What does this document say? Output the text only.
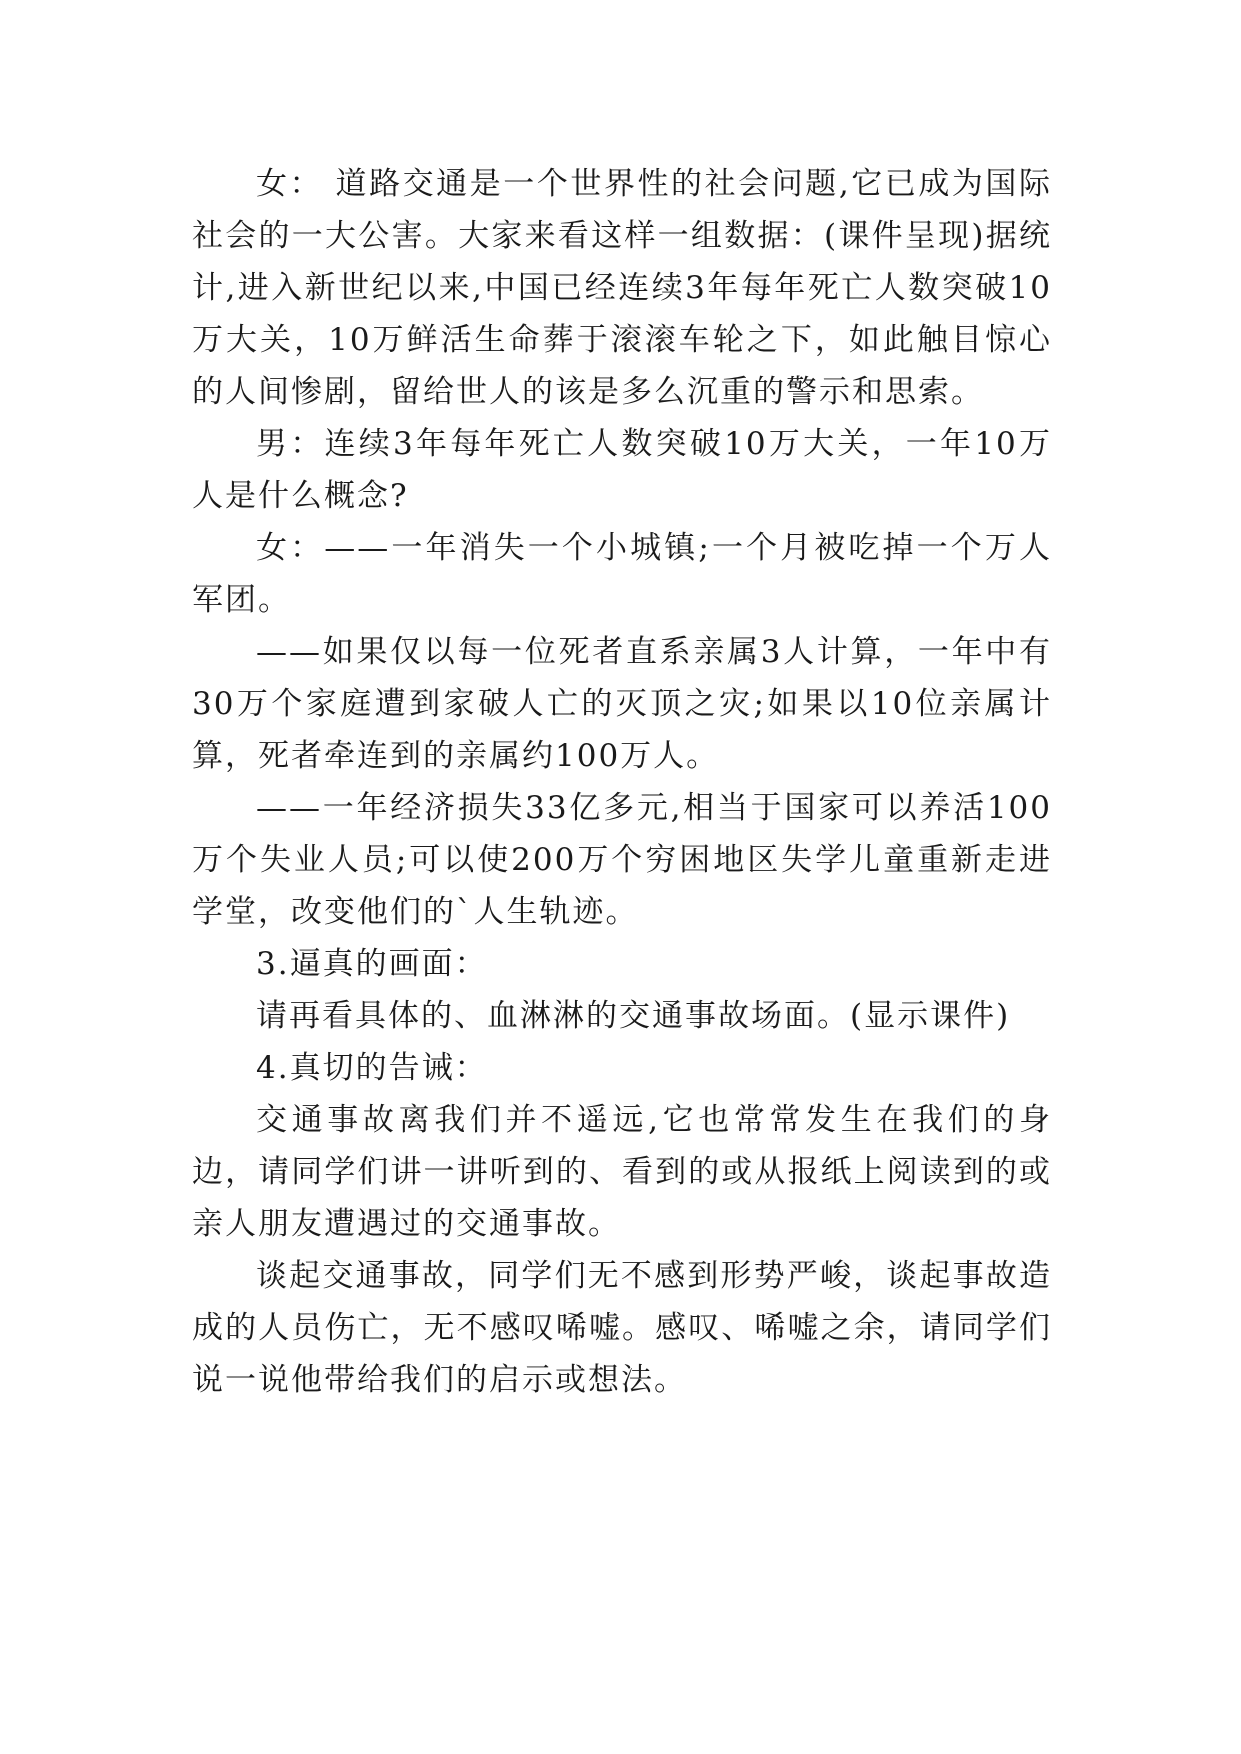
女： 道路交通是一个世界性的社会问题,它已成为国际社会的一大公害。大家来看这样一组数据：(课件呈现)据统计,进入新世纪以来,中国已经连续3年每年死亡人数突破10万大关，10万鲜活生命葬于滚滚车轮之下，如此触目惊心的人间惨剧，留给世人的该是多么沉重的警示和思索。

男：连续3年每年死亡人数突破10万大关，一年10万人是什么概念?

女：——一年消失一个小城镇;一个月被吃掉一个万人军团。

——如果仅以每一位死者直系亲属3人计算，一年中有30万个家庭遭到家破人亡的灭顶之灾;如果以10位亲属计算，死者牵连到的亲属约100万人。

——一年经济损失33亿多元,相当于国家可以养活100万个失业人员;可以使200万个穷困地区失学儿童重新走进学堂，改变他们的`人生轨迹。

3.逼真的画面：

请再看具体的、血淋淋的交通事故场面。(显示课件)

4.真切的告诫：

交通事故离我们并不遥远,它也常常发生在我们的身边，请同学们讲一讲听到的、看到的或从报纸上阅读到的或亲人朋友遭遇过的交通事故。

谈起交通事故，同学们无不感到形势严峻，谈起事故造成的人员伤亡，无不感叹唏嘘。感叹、唏嘘之余，请同学们说一说他带给我们的启示或想法。
